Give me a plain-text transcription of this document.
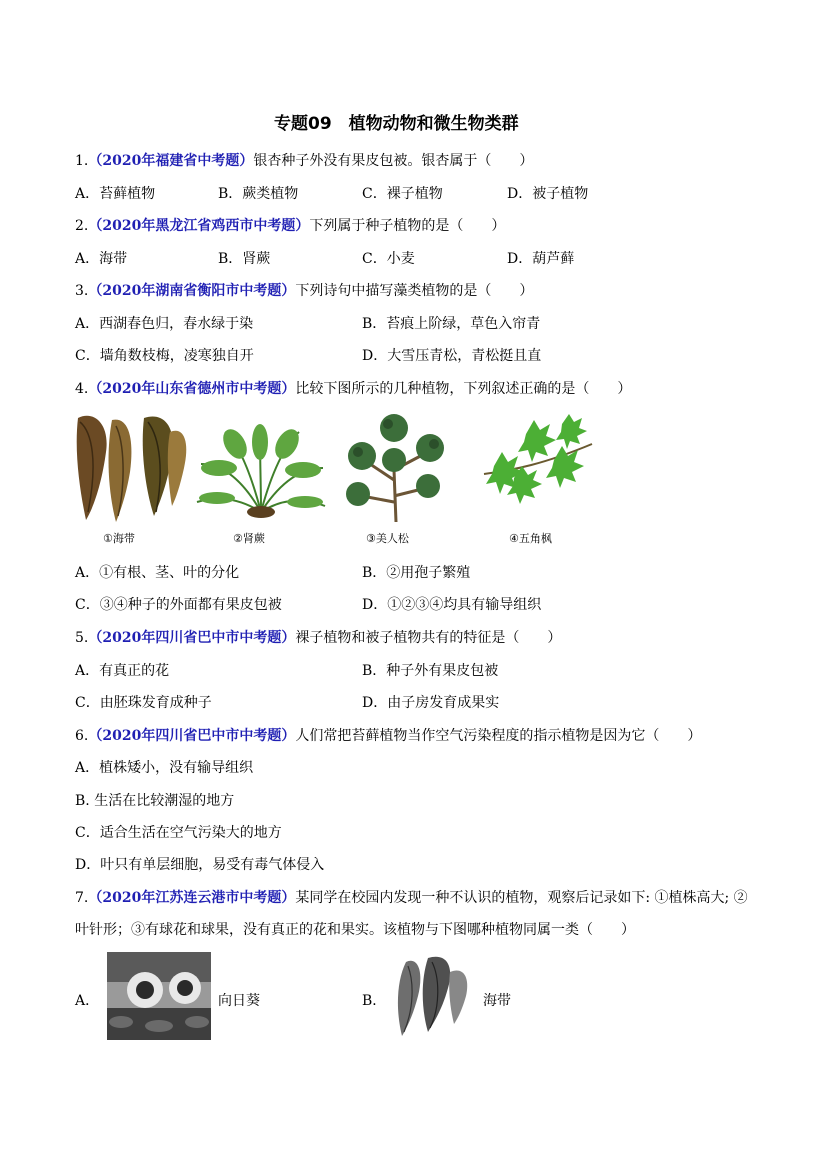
专题09　植物动物和微生物类群
1.（2020年福建省中考题）银杏种子外没有果皮包被。银杏属于（　　）
A．苔藓植物	B．蕨类植物	C．裸子植物	D．被子植物
2.（2020年黑龙江省鸡西市中考题）下列属于种子植物的是（　　）
A．海带	B．肾蕨	C．小麦	D．葫芦藓
3.（2020年湖南省衡阳市中考题）下列诗句中描写藻类植物的是（　　）
A．西湖春色归，春水绿于染	B．苔痕上阶绿，草色入帘青
C．墙角数枝梅，凌寒独自开	D．大雪压青松，青松挺且直
4.（2020年山东省德州市中考题）比较下图所示的几种植物，下列叙述正确的是（　　）
①海带	②肾蕨	③美人松	④五角枫
A．①有根、茎、叶的分化	B．②用孢子繁殖
C．③④种子的外面都有果皮包被	D．①②③④均具有输导组织
5.（2020年四川省巴中市中考题）裸子植物和被子植物共有的特征是（　　）
A．有真正的花	B．种子外有果皮包被
C．由胚珠发育成种子	D．由子房发育成果实
6.（2020年四川省巴中市中考题）人们常把苔藓植物当作空气污染程度的指示植物是因为它（　　）
A．植株矮小，没有输导组织
B. 生活在比较潮湿的地方
C．适合生活在空气污染大的地方
D．叶只有单层细胞，易受有毒气体侵入
7.（2020年江苏连云港市中考题）某同学在校园内发现一种不认识的植物，观察后记录如下: ①植株高大; ②
叶针形；③有球花和球果，没有真正的花和果实。该植物与下图哪种植物同属一类（　　）
A．	向日葵	B．	海带
